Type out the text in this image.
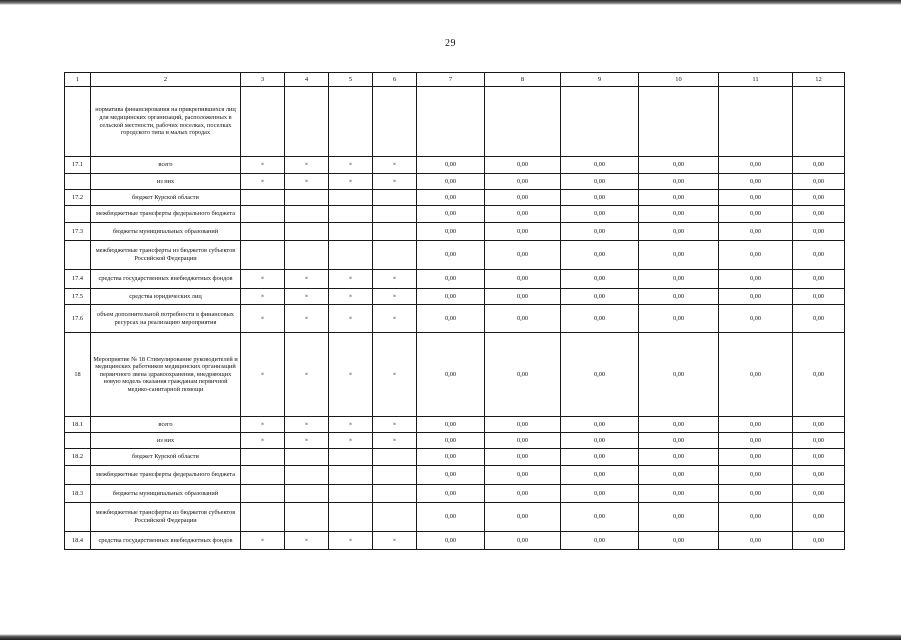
29
1	2	3	4	5	6	7	8	9	10	11	12
	норматива финансирования на прикрепившихся лиц для медицинских организаций, расположенных в сельской местности, рабочих поселках, поселках городского типа и малых городах										
17.1	всего	×	×	×	×	0,00	0,00	0,00	0,00	0,00	0,00
	из них	×	×	×	×	0,00	0,00	0,00	0,00	0,00	0,00
17.2	бюджет Курской области					0,00	0,00	0,00	0,00	0,00	0,00
	межбюджетные трансферты федерального бюджета					0,00	0,00	0,00	0,00	0,00	0,00
17.3	бюджеты муниципальных образований					0,00	0,00	0,00	0,00	0,00	0,00
	межбюджетные трансферты из бюджетов субъектов Российской Федерации					0,00	0,00	0,00	0,00	0,00	0,00
17.4	средства государственных внебюджетных фондов	×	×	×	×	0,00	0,00	0,00	0,00	0,00	0,00
17.5	средства юридических лиц	×	×	×	×	0,00	0,00	0,00	0,00	0,00	0,00
17.6	объем дополнительной потребности в финансовых ресурсах на реализацию мероприятия	×	×	×	×	0,00	0,00	0,00	0,00	0,00	0,00
18	Мероприятие № 18 Стимулирование руководителей и медицинских работников медицинских организаций первичного звена здравоохранения, внедряющих новую модель оказания гражданам первичной медико-санитарной помощи	×	×	×	×	0,00	0,00	0,00	0,00	0,00	0,00
18.1	всего	×	×	×	×	0,00	0,00	0,00	0,00	0,00	0,00
	из них	×	×	×	×	0,00	0,00	0,00	0,00	0,00	0,00
18.2	бюджет Курской области					0,00	0,00	0,00	0,00	0,00	0,00
	межбюджетные трансферты федерального бюджета					0,00	0,00	0,00	0,00	0,00	0,00
18.3	бюджеты муниципальных образований					0,00	0,00	0,00	0,00	0,00	0,00
	межбюджетные трансферты из бюджетов субъектов Российской Федерации					0,00	0,00	0,00	0,00	0,00	0,00
18.4	средства государственных внебюджетных фондов	×	×	×	×	0,00	0,00	0,00	0,00	0,00	0,00
